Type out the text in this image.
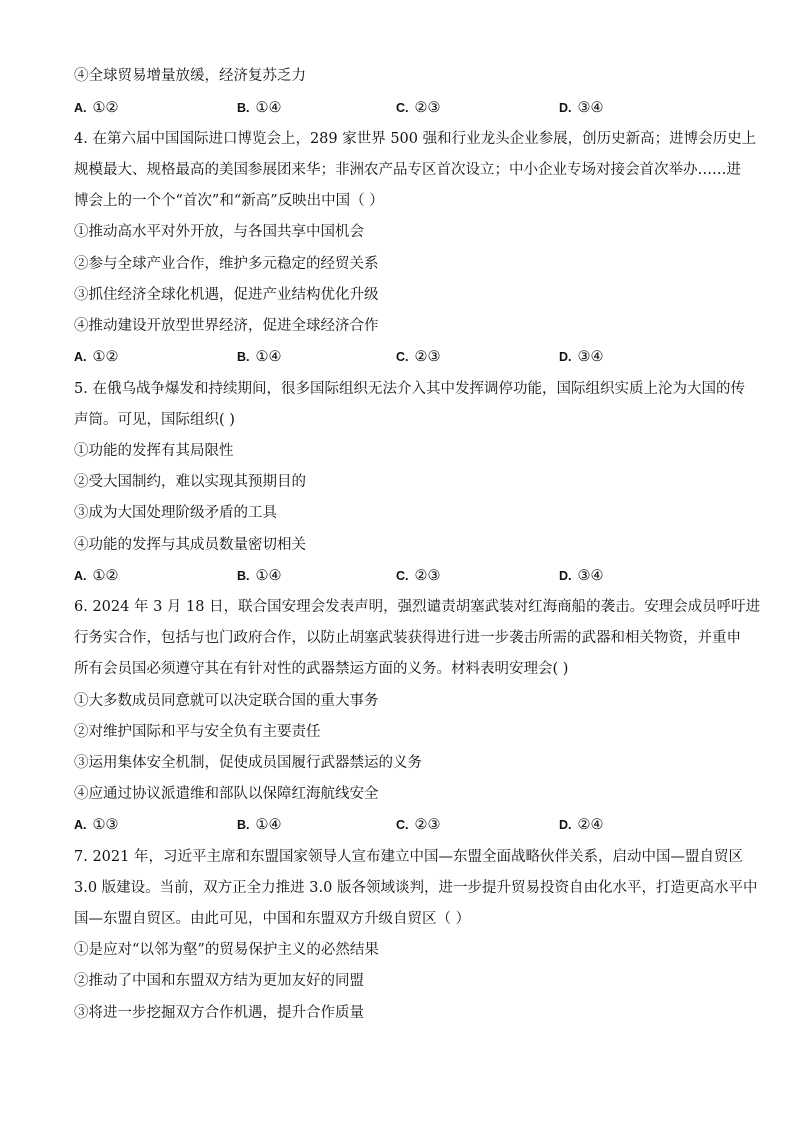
④全球贸易增量放缓，经济复苏乏力
A. ①②	B. ①④	C. ②③	D. ③④
4. 在第六届中国国际进口博览会上，289 家世界 500 强和行业龙头企业参展，创历史新高；进博会历史上
规模最大、规格最高的美国参展团来华；非洲农产品专区首次设立；中小企业专场对接会首次举办……进
博会上的一个个“首次”和“新高”反映出中国（ ）
①推动高水平对外开放，与各国共享中国机会
②参与全球产业合作，维护多元稳定的经贸关系
③抓住经济全球化机遇，促进产业结构优化升级
④推动建设开放型世界经济，促进全球经济合作
A. ①②	B. ①④	C. ②③	D. ③④
5. 在俄乌战争爆发和持续期间，很多国际组织无法介入其中发挥调停功能，国际组织实质上沦为大国的传
声筒。可见，国际组织( )
①功能的发挥有其局限性
②受大国制约，难以实现其预期目的
③成为大国处理阶级矛盾的工具
④功能的发挥与其成员数量密切相关
A. ①②	B. ①④	C. ②③	D. ③④
6. 2024 年 3 月 18 日，联合国安理会发表声明，强烈谴责胡塞武装对红海商船的袭击。安理会成员呼吁进
行务实合作，包括与也门政府合作，以防止胡塞武装获得进行进一步袭击所需的武器和相关物资，并重申
所有会员国必须遵守其在有针对性的武器禁运方面的义务。材料表明安理会( )
①大多数成员同意就可以决定联合国的重大事务
②对维护国际和平与安全负有主要责任
③运用集体安全机制，促使成员国履行武器禁运的义务
④应通过协议派遣维和部队以保障红海航线安全
A. ①③	B. ①④	C. ②③	D. ②④
7. 2021 年，习近平主席和东盟国家领导人宣布建立中国—东盟全面战略伙伴关系，启动中国—盟自贸区
3.0 版建设。当前，双方正全力推进 3.0 版各领域谈判，进一步提升贸易投资自由化水平，打造更高水平中
国—东盟自贸区。由此可见，中国和东盟双方升级自贸区（ ）
①是应对“以邻为壑”的贸易保护主义的必然结果
②推动了中国和东盟双方结为更加友好的同盟
③将进一步挖掘双方合作机遇，提升合作质量
